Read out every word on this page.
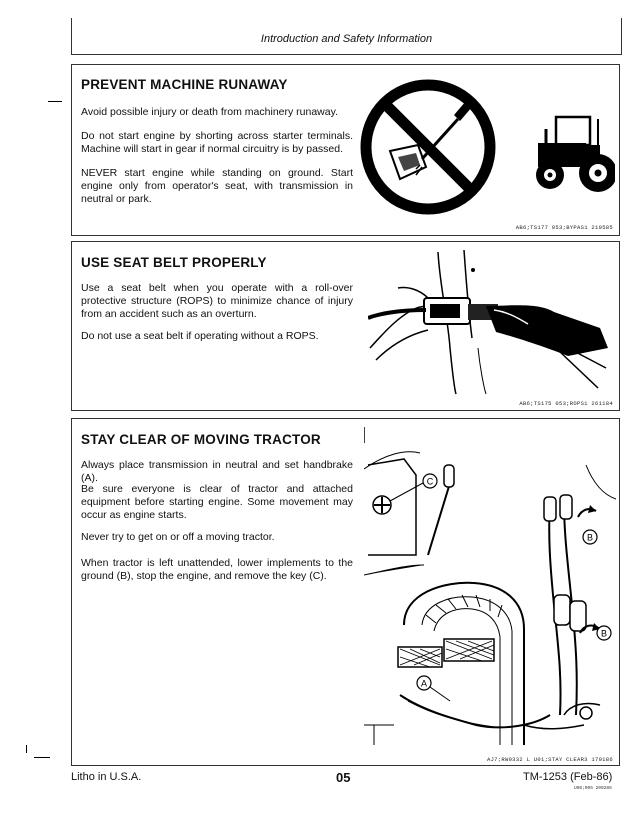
Introduction and Safety Information
PREVENT MACHINE RUNAWAY
Avoid possible injury or death from machinery runaway.
Do not start engine by shorting across starter terminals. Machine will start in gear if normal circuitry is by passed.
NEVER start engine while standing on ground. Start engine only from operator's seat, with transmission in neutral or park.
AB6;TS177 053;BYPAS1 210585
USE SEAT BELT PROPERLY
Use a seat belt when you operate with a roll-over protective structure (ROPS) to minimize chance of injury from an accident such as an overturn.
Do not use a seat belt if operating without a ROPS.
AB6;TS175 053;ROPS1 261184
STAY CLEAR OF MOVING TRACTOR
Always place transmission in neutral and set handbrake (A).
Be sure everyone is clear of tractor and attached equipment before starting engine. Some movement may occur as engine starts.
Never try to get on or off a moving tractor.
When tractor is left unattended, lower implements to the ground (B), stop the engine, and remove the key (C).
C
A
B
B
AJ7;RW9332 L U01;STAY CLEAR3 170186
Litho in U.S.A.	05	TM-1253 (Feb-86)
U08;005 200286
